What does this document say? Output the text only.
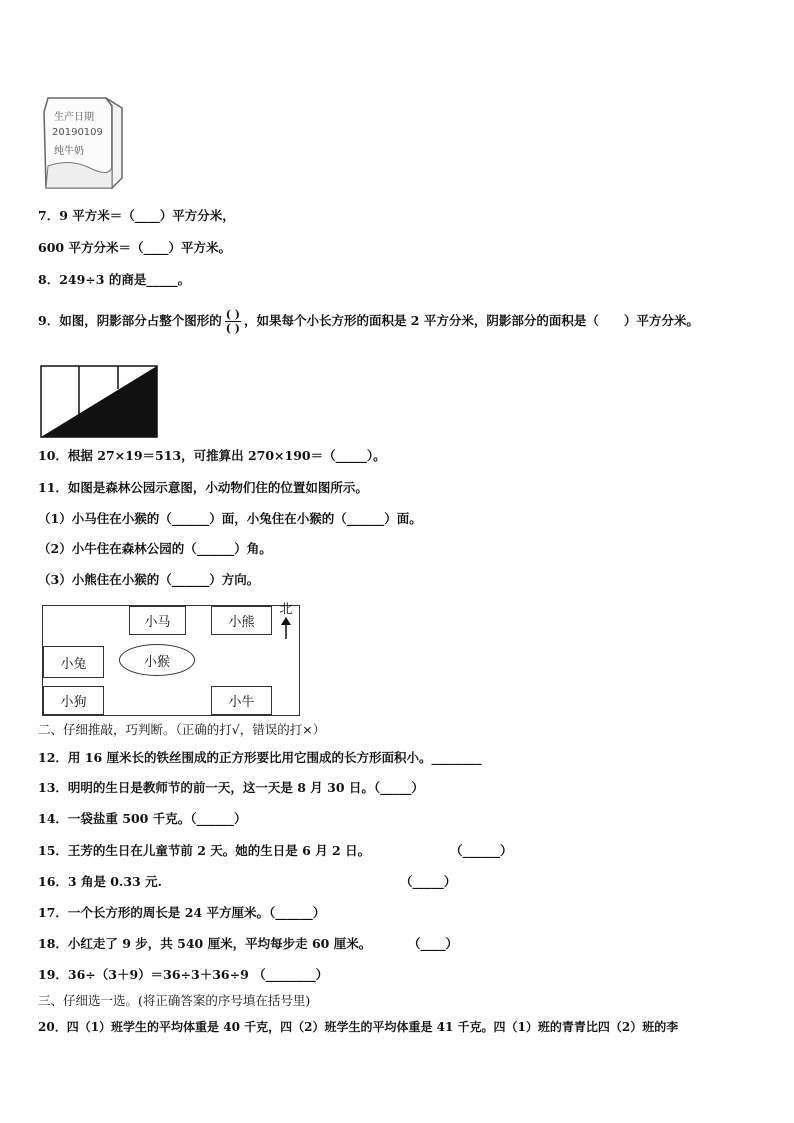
生产日期
20190109
纯牛奶
7．9 平方米＝（____）平方分米，
600 平方分米＝（____）平方米。
8．249÷3 的商是_____。
9．如图，阴影部分占整个图形的 $\frac{( )}{( )}$ ，如果每个小长方形的面积是 2 平方分米，阴影部分的面积是（　　）平方分米。
10．根据 27×19＝513，可推算出 270×190＝（_____）。
11．如图是森林公园示意图，小动物们住的位置如图所示。
（1）小马住在小猴的（______）面，小兔住在小猴的（______）面。
（2）小牛住在森林公园的（______）角。
（3）小熊住在小猴的（______）方向。
小马	小熊
小兔	小猴
小狗	小牛
北
二、仔细推敲，巧判断。（正确的打√，错误的打×）
12．用 16 厘米长的铁丝围成的正方形要比用它围成的长方形面积小。________
13．明明的生日是教师节的前一天，这一天是 8 月 30 日。（_____）
14．一袋盐重 500 千克。（______）
15．王芳的生日在儿童节前 2 天。她的生日是 6 月 2 日。	（______）
16．3 角是 0.33 元.	（_____）
17．一个长方形的周长是 24 平方厘米。（______）
18．小红走了 9 步，共 540 厘米，平均每步走 60 厘米。	（____）
19．36÷（3＋9）＝36÷3＋36÷9 （________）
三、仔细选一选。(将正确答案的序号填在括号里)
20．四（1）班学生的平均体重是 40 千克，四（2）班学生的平均体重是 41 千克。四（1）班的青青比四（2）班的李
